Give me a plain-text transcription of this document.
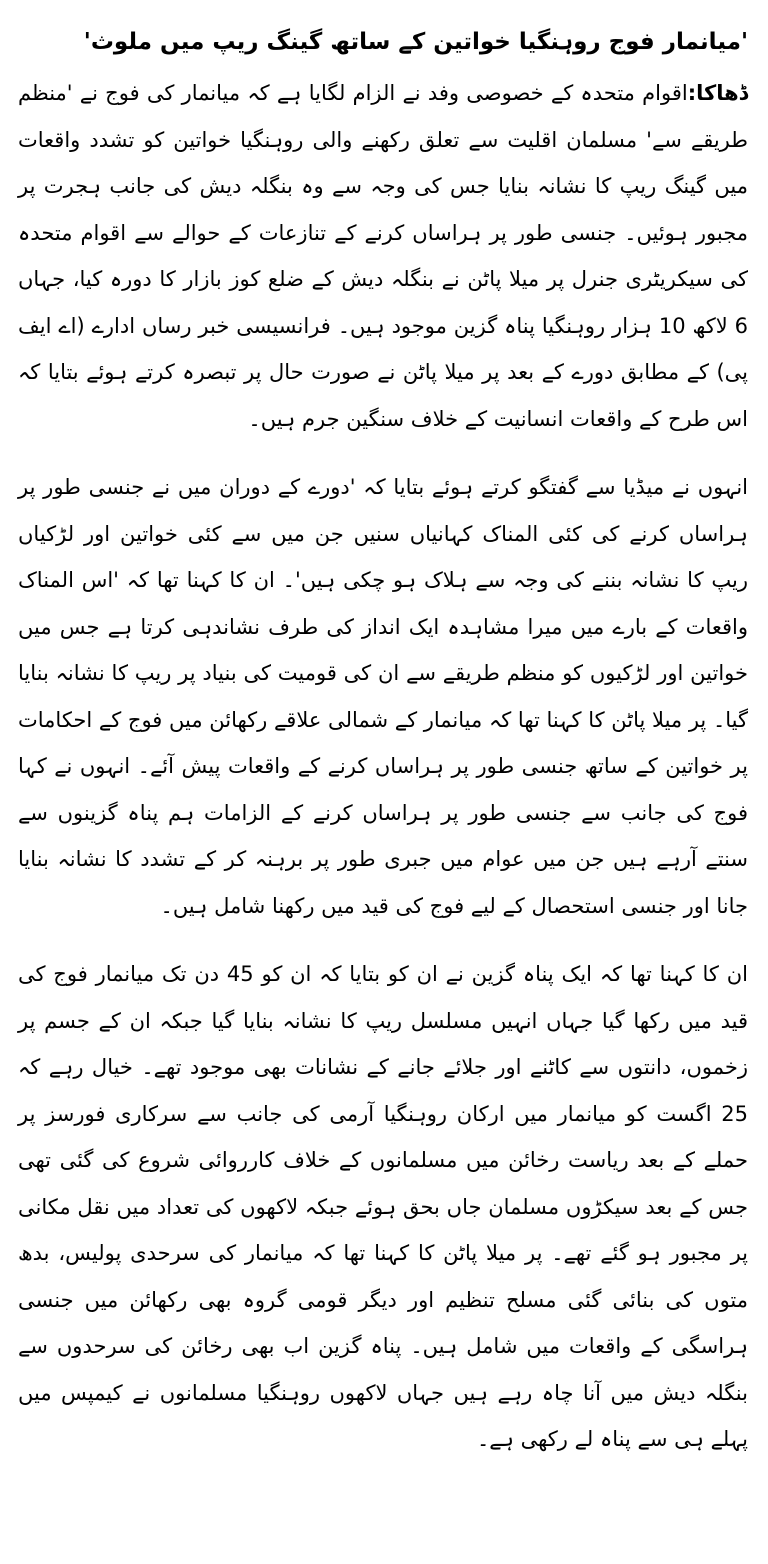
'میانمار فوج روہنگیا خواتین کے ساتھ گینگ ریپ میں ملوث'

ڈھاکا:اقوام متحدہ کے خصوصی وفد نے الزام لگایا ہے کہ میانمار کی فوج نے 'منظم طریقے سے' مسلمان اقلیت سے تعلق رکھنے والی روہنگیا خواتین کو تشدد واقعات میں گینگ ریپ کا نشانہ بنایا جس کی وجہ سے وہ بنگلہ دیش کی جانب ہجرت پر مجبور ہوئیں۔ جنسی طور پر ہراساں کرنے کے تنازعات کے حوالے سے اقوام متحدہ کی سیکریٹری جنرل پر میلا پاٹن نے بنگلہ دیش کے ضلع کوز بازار کا دورہ کیا، جہاں 6 لاکھ 10 ہزار روہنگیا پناہ گزین موجود ہیں۔ فرانسیسی خبر رساں ادارے (اے ایف پی) کے مطابق دورے کے بعد پر میلا پاٹن نے صورت حال پر تبصرہ کرتے ہوئے بتایا کہ اس طرح کے واقعات انسانیت کے خلاف سنگین جرم ہیں۔

انہوں نے میڈیا سے گفتگو کرتے ہوئے بتایا کہ 'دورے کے دوران میں نے جنسی طور پر ہراساں کرنے کی کئی المناک کہانیاں سنیں جن میں سے کئی خواتین اور لڑکیاں ریپ کا نشانہ بننے کی وجہ سے ہلاک ہو چکی ہیں'۔ ان کا کہنا تھا کہ 'اس المناک واقعات کے بارے میں میرا مشاہدہ ایک انداز کی طرف نشاندہی کرتا ہے جس میں خواتین اور لڑکیوں کو منظم طریقے سے ان کی قومیت کی بنیاد پر ریپ کا نشانہ بنایا گیا۔ پر میلا پاٹن کا کہنا تھا کہ میانمار کے شمالی علاقے رکھائن میں فوج کے احکامات پر خواتین کے ساتھ جنسی طور پر ہراساں کرنے کے واقعات پیش آئے۔ انہوں نے کہا فوج کی جانب سے جنسی طور پر ہراساں کرنے کے الزامات ہم پناہ گزینوں سے سنتے آرہے ہیں جن میں عوام میں جبری طور پر برہنہ کر کے تشدد کا نشانہ بنایا جانا اور جنسی استحصال کے لیے فوج کی قید میں رکھنا شامل ہیں۔

ان کا کہنا تھا کہ ایک پناہ گزین نے ان کو بتایا کہ ان کو 45 دن تک میانمار فوج کی قید میں رکھا گیا جہاں انہیں مسلسل ریپ کا نشانہ بنایا گیا جبکہ ان کے جسم پر زخموں، دانتوں سے کاٹنے اور جلائے جانے کے نشانات بھی موجود تھے۔ خیال رہے کہ 25 اگست کو میانمار میں ارکان روہنگیا آرمی کی جانب سے سرکاری فورسز پر حملے کے بعد ریاست رخائن میں مسلمانوں کے خلاف کارروائی شروع کی گئی تھی جس کے بعد سیکڑوں مسلمان جاں بحق ہوئے جبکہ لاکھوں کی تعداد میں نقل مکانی پر مجبور ہو گئے تھے۔ پر میلا پاٹن کا کہنا تھا کہ میانمار کی سرحدی پولیس، بدھ متوں کی بنائی گئی مسلح تنظیم اور دیگر قومی گروہ بھی رکھائن میں جنسی ہراسگی کے واقعات میں شامل ہیں۔ پناہ گزین اب بھی رخائن کی سرحدوں سے بنگلہ دیش میں آنا چاہ رہے ہیں جہاں لاکھوں روہنگیا مسلمانوں نے کیمپس میں پہلے ہی سے پناہ لے رکھی ہے۔
